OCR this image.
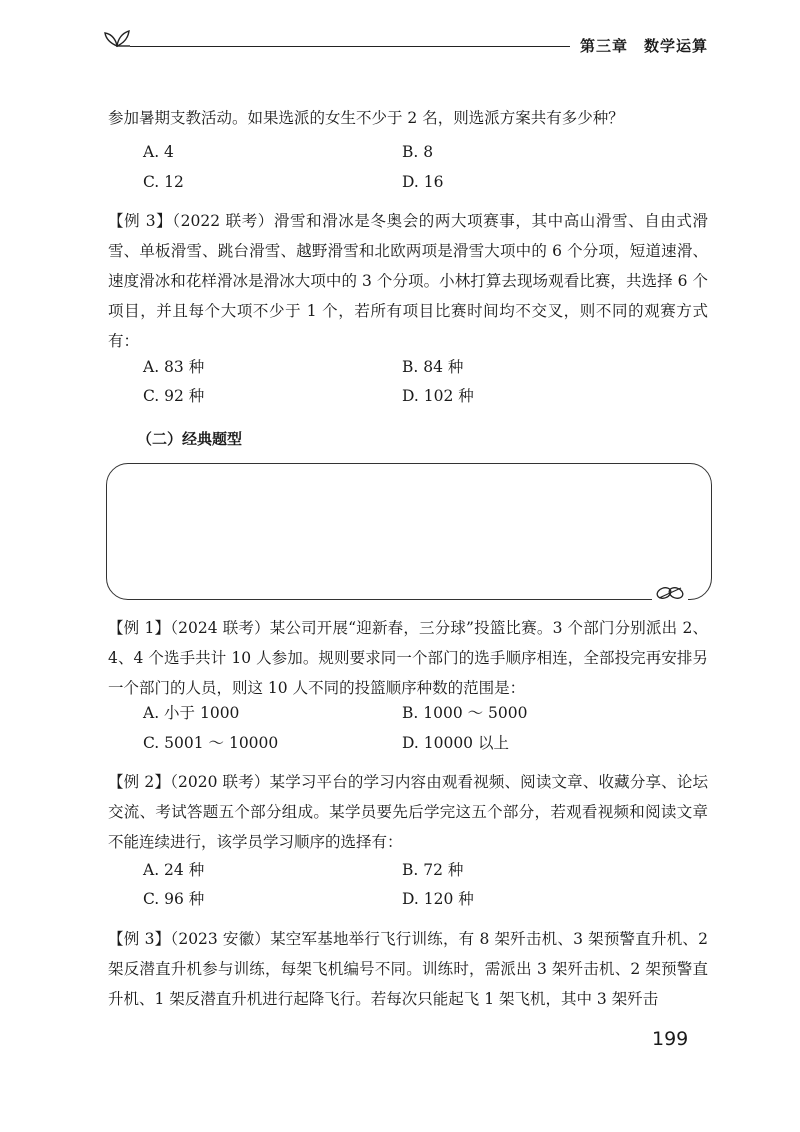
第三章 数学运算

参加暑期支教活动。如果选派的女生不少于 2 名，则选派方案共有多少种？

A. 4	B. 8
C. 12	D. 16

【例 3】（2022 联考）滑雪和滑冰是冬奥会的两大项赛事，其中高山滑雪、自由式滑雪、单板滑雪、跳台滑雪、越野滑雪和北欧两项是滑雪大项中的 6 个分项，短道速滑、速度滑冰和花样滑冰是滑冰大项中的 3 个分项。小林打算去现场观看比赛，共选择 6 个项目，并且每个大项不少于 1 个，若所有项目比赛时间均不交叉，则不同的观赛方式有：

A. 83 种	B. 84 种
C. 92 种	D. 102 种
（二）经典题型

【例 1】（2024 联考）某公司开展“迎新春，三分球”投篮比赛。3 个部门分别派出 2、4、4 个选手共计 10 人参加。规则要求同一个部门的选手顺序相连，全部投完再安排另一个部门的人员，则这 10 人不同的投篮顺序种数的范围是：

A. 小于 1000	B. 1000 ～ 5000
C. 5001 ～ 10000	D. 10000 以上

【例 2】（2020 联考）某学习平台的学习内容由观看视频、阅读文章、收藏分享、论坛交流、考试答题五个部分组成。某学员要先后学完这五个部分，若观看视频和阅读文章不能连续进行，该学员学习顺序的选择有：

A. 24 种	B. 72 种
C. 96 种	D. 120 种

【例 3】（2023 安徽）某空军基地举行飞行训练，有 8 架歼击机、3 架预警直升机、2 架反潜直升机参与训练，每架飞机编号不同。训练时，需派出 3 架歼击机、2 架预警直升机、1 架反潜直升机进行起降飞行。若每次只能起飞 1 架飞机，其中 3 架歼击

199
